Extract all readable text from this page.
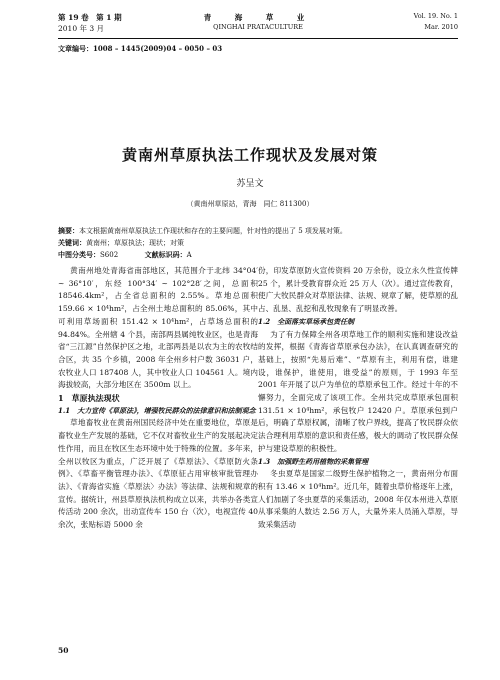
第 19 卷　第 1 期
2010 年 3 月
青　海　草　业
QINGHAI PRATACULTURE
Vol. 19. No. 1
Mar. 2010
文章编号：1008 – 1445(2009)04 – 0050 – 03
黄南州草原执法工作现状及发展对策
苏呈文
（黄南州草原站，青海　同仁 811300）
摘要：本文根据黄南州草原执法工作现状和存在的主要问题，针对性的提出了 5 项发展对策。
关键词：黄南州；草原执法；现状；对策
中图分类号：S602	文献标识码：A

黄南州地处青海省南部地区，其范围介于北纬 34°04′ ~ 36°10′，东经 100°34′ ~ 102°28′之间，总面积 18546.4km²，占全省总面积的 2.55%。草地总面积 159.66 × 10⁴hm²，占全州土地总面积的 85.06%，其中可利用草场面积 151.42 × 10⁴hm²，占草场总面积的 94.84%。全州辖 4 个县，南部两县属纯牧业区，也是青海省“三江源”自然保护区之地，北部两县是以农为主的农牧结合区，共 35 个乡镇，2008 年全州乡村户数 36031 户，农牧业人口 187408 人，其中牧业人口 104561 人。境内海拔较高，大部分地区在 3500m 以上。

1　草原执法现状
1.1　大力宣传《草原法》，增强牧民群众的法律意识和法制观念

草地畜牧业在黄南州国民经济中处在重要地位，草原是畜牧业生产发展的基础，它不仅对畜牧业生产的发展起决定性作用，而且在牧区生态环境中处于特殊的位置。多年来，全州以牧区为重点，广泛开展了《草原法》、《草原防火条例》、《草畜平衡管理办法》、《草原征占用审核审批管理办法》、《青海省实施〈草原法〉办法》等法律、法规和规章的宣传。据统计，州县草原执法机构成立以来，共举办各类宣传活动 200 余次，出动宣传车 150 台（次），电视宣传 40 余次，张贴标语 5000 余

份，印发草原防火宣传资料 20 万余份，设立永久性宣传牌 25 个，累计受教育群众近 25 万人（次）。通过宣传教育，使广大牧民群众对草原法律、法规、规章了解，使草原的乱占、乱垦、乱挖和乱牧现象有了明显改善。

1.2　全面落实草场承包责任制

为了有力保障全州各项草地工作的顺利实施和建设改益的发挥，根据《青海省草原承包办法》，在认真调查研究的基础上，按照“先易后难”、“草原有主，利用有偿，谁建设，谁保护，谁使用，谁受益”的原则，于 1993 年至 2001 年开展了以户为单位的草原承包工作。经过十年的不懈努力，全面完成了该项工作。全州共完成草原承包面积 131.51 × 10⁴hm²，承包牧户 12420 户。草原承包到户后，明确了草原权属，清晰了牧户界线，提高了牧民群众依法合理利用草原的意识和责任感，极大的调动了牧民群众保护与建设草原的积极性。

1.3　加强野生药用植物的采集管理

冬虫夏草是国家二级野生保护植物之一，黄南州分布面积有 13.46 × 10⁴hm²。近几年，随着虫草价格逐年上涨，人们加剧了冬虫夏草的采集活动，2008 年仅本州进入草原从事采集的人数达 2.56 万人，大量外来人员涌入草原，导致采集活动

50
